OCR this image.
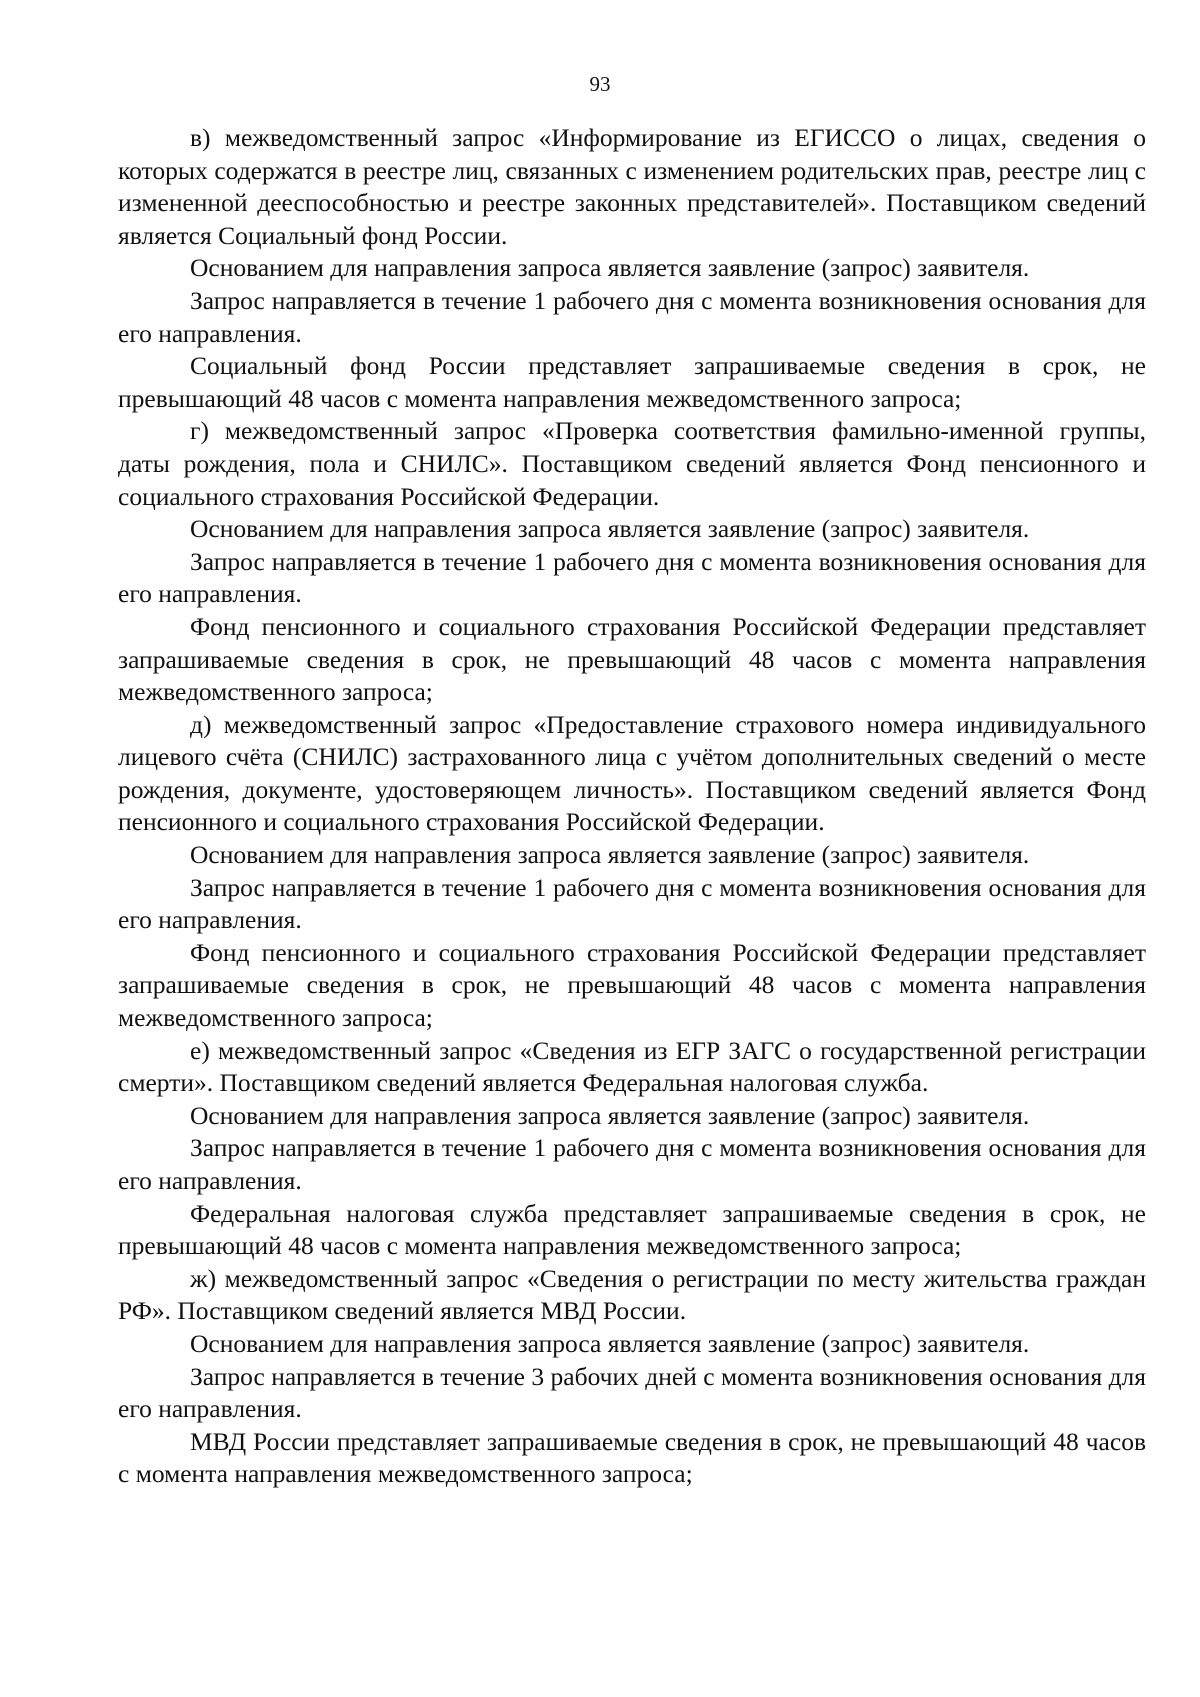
93

в) межведомственный запрос «Информирование из ЕГИССО о лицах, сведения о которых содержатся в реестре лиц, связанных с изменением родительских прав, реестре лиц с измененной дееспособностью и реестре законных представителей». Поставщиком сведений является Социальный фонд России.

Основанием для направления запроса является заявление (запрос) заявителя.

Запрос направляется в течение 1 рабочего дня с момента возникновения основания для его направления.

Социальный фонд России представляет запрашиваемые сведения в срок, не превышающий 48 часов с момента направления межведомственного запроса;

г) межведомственный запрос «Проверка соответствия фамильно-именной группы, даты рождения, пола и СНИЛС». Поставщиком сведений является Фонд пенсионного и социального страхования Российской Федерации.

Основанием для направления запроса является заявление (запрос) заявителя.

Запрос направляется в течение 1 рабочего дня с момента возникновения основания для его направления.

Фонд пенсионного и социального страхования Российской Федерации представляет запрашиваемые сведения в срок, не превышающий 48 часов с момента направления межведомственного запроса;

д) межведомственный запрос «Предоставление страхового номера индивидуального лицевого счёта (СНИЛС) застрахованного лица с учётом дополнительных сведений о месте рождения, документе, удостоверяющем личность». Поставщиком сведений является Фонд пенсионного и социального страхования Российской Федерации.

Основанием для направления запроса является заявление (запрос) заявителя.

Запрос направляется в течение 1 рабочего дня с момента возникновения основания для его направления.

Фонд пенсионного и социального страхования Российской Федерации представляет запрашиваемые сведения в срок, не превышающий 48 часов с момента направления межведомственного запроса;

е) межведомственный запрос «Сведения из ЕГР ЗАГС о государственной регистрации смерти». Поставщиком сведений является Федеральная налоговая служба.

Основанием для направления запроса является заявление (запрос) заявителя.

Запрос направляется в течение 1 рабочего дня с момента возникновения основания для его направления.

Федеральная налоговая служба представляет запрашиваемые сведения в срок, не превышающий 48 часов с момента направления межведомственного запроса;

ж) межведомственный запрос «Сведения о регистрации по месту жительства граждан РФ». Поставщиком сведений является МВД России.

Основанием для направления запроса является заявление (запрос) заявителя.

Запрос направляется в течение 3 рабочих дней с момента возникновения основания для его направления.

МВД России представляет запрашиваемые сведения в срок, не превышающий 48 часов с момента направления межведомственного запроса;
